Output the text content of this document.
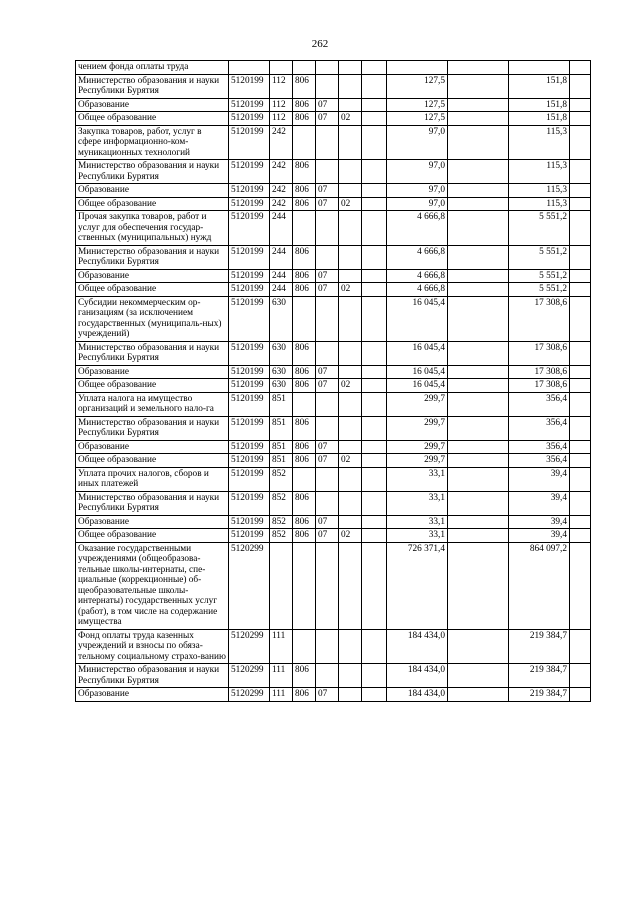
262
чением фонда оплаты труда										
Министерство образования и науки Республики Бурятия	5120199	112	806				127,5		151,8	
Образование	5120199	112	806	07			127,5		151,8	
Общее образование	5120199	112	806	07	02		127,5		151,8	
Закупка товаров, работ, услуг в сфере информационно-ком-муникационных технологий	5120199	242					97,0		115,3	
Министерство образования и науки Республики Бурятия	5120199	242	806				97,0		115,3	
Образование	5120199	242	806	07			97,0		115,3	
Общее образование	5120199	242	806	07	02		97,0		115,3	
Прочая закупка товаров, работ и услуг для обеспечения государ-ственных (муниципальных) нужд	5120199	244					4 666,8		5 551,2	
Министерство образования и науки Республики Бурятия	5120199	244	806				4 666,8		5 551,2	
Образование	5120199	244	806	07			4 666,8		5 551,2	
Общее образование	5120199	244	806	07	02		4 666,8		5 551,2	
Субсидии некоммерческим ор-ганизациям (за исключением государственных (муниципаль-ных) учреждений)	5120199	630					16 045,4		17 308,6	
Министерство образования и науки Республики Бурятия	5120199	630	806				16 045,4		17 308,6	
Образование	5120199	630	806	07			16 045,4		17 308,6	
Общее образование	5120199	630	806	07	02		16 045,4		17 308,6	
Уплата налога на имущество организаций и земельного нало-га	5120199	851					299,7		356,4	
Министерство образования и науки Республики Бурятия	5120199	851	806				299,7		356,4	
Образование	5120199	851	806	07			299,7		356,4	
Общее образование	5120199	851	806	07	02		299,7		356,4	
Уплата прочих налогов, сборов и иных платежей	5120199	852					33,1		39,4	
Министерство образования и науки Республики Бурятия	5120199	852	806				33,1		39,4	
Образование	5120199	852	806	07			33,1		39,4	
Общее образование	5120199	852	806	07	02		33,1		39,4	
Оказание государственными учреждениями (общеобразова-тельные школы-интернаты, спе-циальные (коррекционные) об-щеобразовательные школы-интернаты) государственных услуг (работ), в том числе на содержание имущества	5120299						726 371,4		864 097,2	
Фонд оплаты труда казенных учреждений и взносы по обяза-тельному социальному страхо-ванию	5120299	111					184 434,0		219 384,7	
Министерство образования и науки Республики Бурятия	5120299	111	806				184 434,0		219 384,7	
Образование	5120299	111	806	07			184 434,0		219 384,7	
